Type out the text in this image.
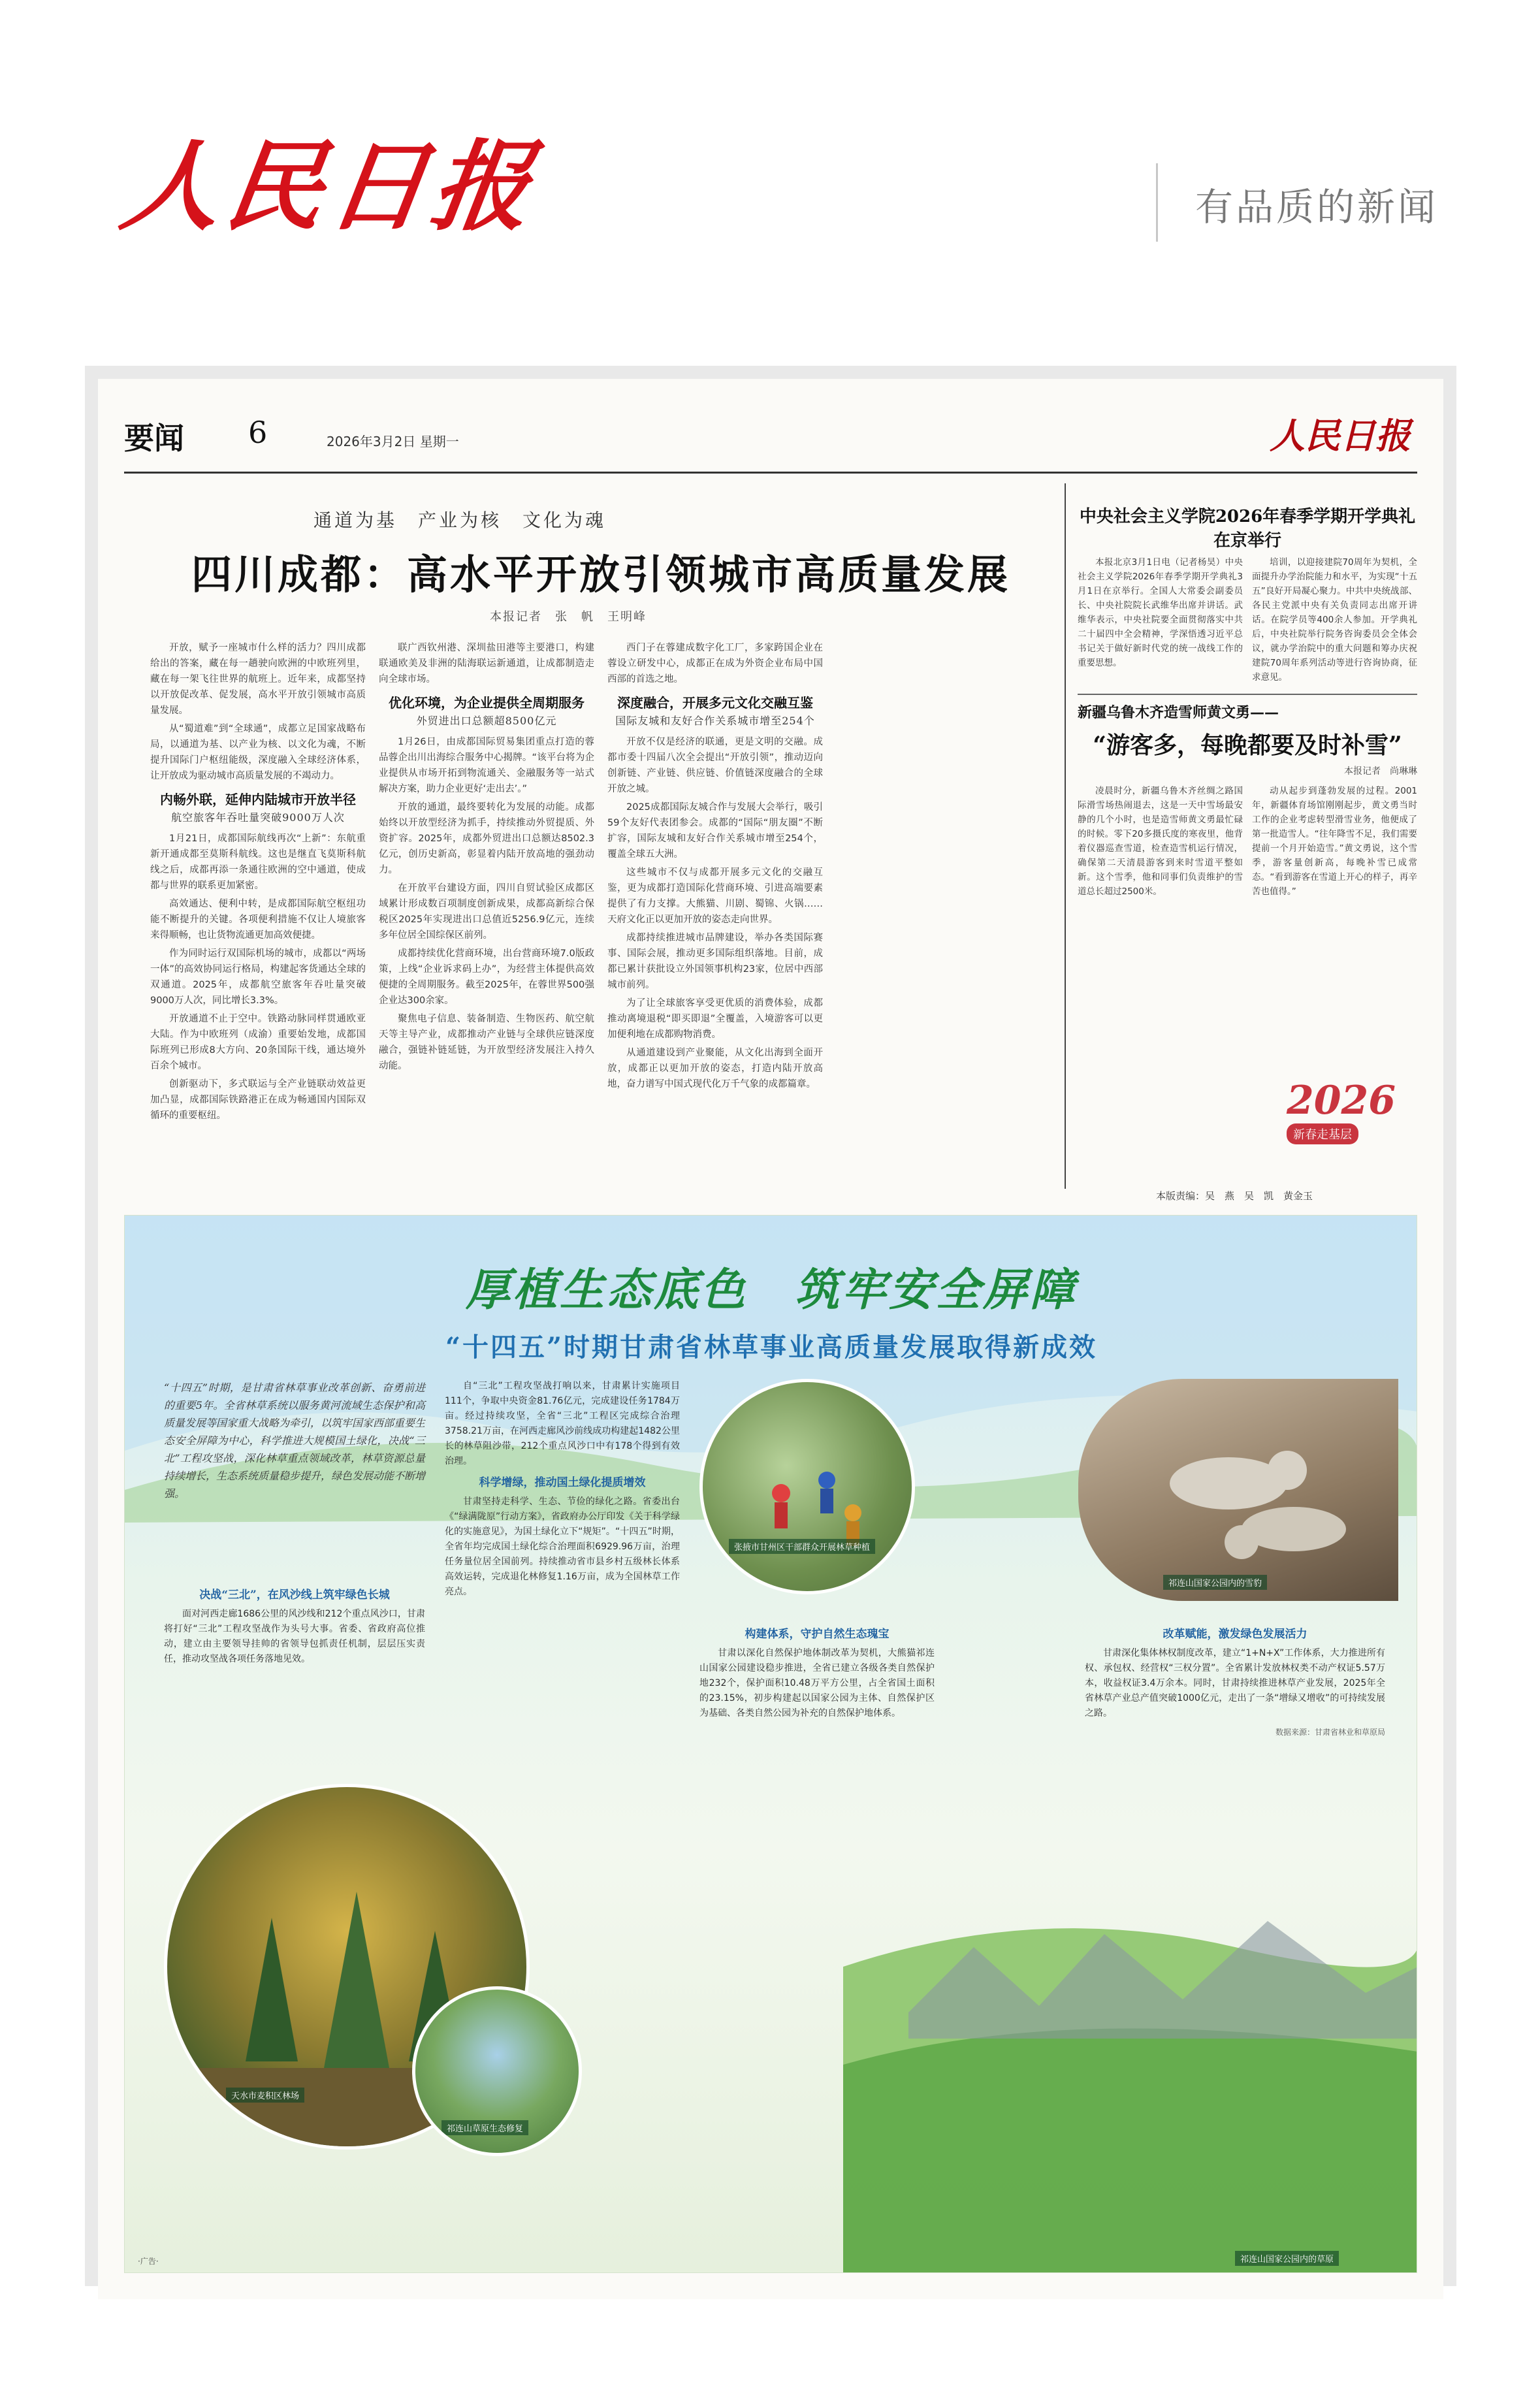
人民日报	有品质的新闻
要闻 6	2026年3月2日 星期一	人民日报
通道为基　产业为核　文化为魂
四川成都：高水平开放引领城市高质量发展
本报记者　张　帆　王明峰

开放，赋予一座城市什么样的活力？四川成都给出的答案，藏在每一趟驶向欧洲的中欧班列里，藏在每一架飞往世界的航班上。近年来，成都坚持以开放促改革、促发展，高水平开放引领城市高质量发展。

从“蜀道难”到“全球通”，成都立足国家战略布局，以通道为基、以产业为核、以文化为魂，不断提升国际门户枢纽能级，深度融入全球经济体系，让开放成为驱动城市高质量发展的不竭动力。

内畅外联，延伸内陆城市开放半径
航空旅客年吞吐量突破9000万人次

1月21日，成都国际航线再次“上新”：东航重新开通成都至莫斯科航线。这也是继直飞莫斯科航线之后，成都再添一条通往欧洲的空中通道，使成都与世界的联系更加紧密。

高效通达、便利中转，是成都国际航空枢纽功能不断提升的关键。各项便利措施不仅让人境旅客来得顺畅，也让货物流通更加高效便捷。

作为同时运行双国际机场的城市，成都以“两场一体”的高效协同运行格局，构建起客货通达全球的双通道。2025年，成都航空旅客年吞吐量突破9000万人次，同比增长3.3%。

开放通道不止于空中。铁路动脉同样贯通欧亚大陆。作为中欧班列（成渝）重要始发地，成都国际班列已形成8大方向、20条国际干线，通达境外百余个城市。

创新驱动下，多式联运与全产业链联动效益更加凸显，成都国际铁路港正在成为畅通国内国际双循环的重要枢纽。

联广西钦州港、深圳盐田港等主要港口，构建联通欧美及非洲的陆海联运新通道，让成都制造走向全球市场。

优化环境，为企业提供全周期服务
外贸进出口总额超8500亿元

1月26日，由成都国际贸易集团重点打造的蓉品蓉企出川出海综合服务中心揭牌。“该平台将为企业提供从市场开拓到物流通关、金融服务等一站式解决方案，助力企业更好‘走出去’。”

开放的通道，最终要转化为发展的动能。成都始终以开放型经济为抓手，持续推动外贸提质、外资扩容。2025年，成都外贸进出口总额达8502.3亿元，创历史新高，彰显着内陆开放高地的强劲动力。

在开放平台建设方面，四川自贸试验区成都区域累计形成数百项制度创新成果，成都高新综合保税区2025年实现进出口总值近5256.9亿元，连续多年位居全国综保区前列。

成都持续优化营商环境，出台营商环境7.0版政策，上线“企业诉求码上办”，为经营主体提供高效便捷的全周期服务。截至2025年，在蓉世界500强企业达300余家。

聚焦电子信息、装备制造、生物医药、航空航天等主导产业，成都推动产业链与全球供应链深度融合，强链补链延链，为开放型经济发展注入持久动能。

西门子在蓉建成数字化工厂，多家跨国企业在蓉设立研发中心，成都正在成为外资企业布局中国西部的首选之地。

深度融合，开展多元文化交融互鉴
国际友城和友好合作关系城市增至254个

开放不仅是经济的联通，更是文明的交融。成都市委十四届八次全会提出“开放引领”，推动迈向创新链、产业链、供应链、价值链深度融合的全球开放之城。

2025成都国际友城合作与发展大会举行，吸引59个友好代表团参会。成都的“国际“朋友圈”不断扩容，国际友城和友好合作关系城市增至254个，覆盖全球五大洲。

这些城市不仅与成都开展多元文化的交融互鉴，更为成都打造国际化营商环境、引进高端要素提供了有力支撑。大熊猫、川剧、蜀锦、火锅……天府文化正以更加开放的姿态走向世界。

成都持续推进城市品牌建设，举办各类国际赛事、国际会展，推动更多国际组织落地。目前，成都已累计获批设立外国领事机构23家，位居中西部城市前列。

为了让全球旅客享受更优质的消费体验，成都推动离境退税“即买即退”全覆盖，入境游客可以更加便利地在成都购物消费。

从通道建设到产业聚能，从文化出海到全面开放，成都正以更加开放的姿态，打造内陆开放高地，奋力谱写中国式现代化万千气象的成都篇章。

中央社会主义学院2026年春季学期开学典礼在京举行

本报北京3月1日电（记者杨昊）中央社会主义学院2026年春季学期开学典礼3月1日在京举行。全国人大常委会副委员长、中央社院院长武维华出席并讲话。武维华表示，中央社院要全面贯彻落实中共二十届四中全会精神，学深悟透习近平总书记关于做好新时代党的统一战线工作的重要思想。

培训，以迎接建院70周年为契机，全面提升办学治院能力和水平，为实现“十五五”良好开局凝心聚力。中共中央统战部、各民主党派中央有关负责同志出席开讲话。在院学员等400余人参加。开学典礼后，中央社院举行院务咨询委员会全体会议，就办学治院中的重大问题和筹办庆祝建院70周年系列活动等进行咨询协商，征求意见。

新疆乌鲁木齐造雪师黄文勇——
“游客多，每晚都要及时补雪”
本报记者　尚琳琳

凌晨时分，新疆乌鲁木齐丝绸之路国际滑雪场热闹退去，这是一天中雪场最安静的几个小时，也是造雪师黄文勇最忙碌的时候。零下20多摄氏度的寒夜里，他背着仪器巡查雪道，检查造雪机运行情况，确保第二天清晨游客到来时雪道平整如新。这个雪季，他和同事们负责维护的雪道总长超过2500米。

动从起步到蓬勃发展的过程。2001年，新疆体育场馆刚刚起步，黄文勇当时工作的企业考虑转型滑雪业务，他便成了第一批造雪人。“往年降雪不足，我们需要提前一个月开始造雪。”黄文勇说，这个雪季，游客量创新高，每晚补雪已成常态。“看到游客在雪道上开心的样子，再辛苦也值得。”

2026
新春走基层
本版责编：吴　燕　吴　凯　黄金玉
厚植生态底色　筑牢安全屏障
“十四五”时期甘肃省林草事业高质量发展取得新成效
“十四五”时期，是甘肃省林草事业改革创新、奋勇前进的重要5年。全省林草系统以服务黄河流域生态保护和高质量发展等国家重大战略为牵引，以筑牢国家西部重要生态安全屏障为中心，科学推进大规模国土绿化，决战“三北”工程攻坚战，深化林草重点领域改革，林草资源总量持续增长，生态系统质量稳步提升，绿色发展动能不断增强。
决战“三北”，在风沙线上筑牢绿色长城

面对河西走廊1686公里的风沙线和212个重点风沙口，甘肃将打好“三北”工程攻坚战作为头号大事。省委、省政府高位推动，建立由主要领导挂帅的省领导包抓责任机制，层层压实责任，推动攻坚战各项任务落地见效。

自“三北”工程攻坚战打响以来，甘肃累计实施项目111个，争取中央资金81.76亿元，完成建设任务1784万亩。经过持续攻坚，全省“三北”工程区完成综合治理3758.21万亩，在河西走廊风沙前线成功构建起1482公里长的林草阻沙带，212个重点风沙口中有178个得到有效治理。

科学增绿，推动国土绿化提质增效

甘肃坚持走科学、生态、节俭的绿化之路。省委出台《“绿满陇原”行动方案》，省政府办公厅印发《关于科学绿化的实施意见》，为国土绿化立下“规矩”。“十四五”时期，全省年均完成国土绿化综合治理面积6929.96万亩，治理任务量位居全国前列。持续推动省市县乡村五级林长体系高效运转，完成退化林修复1.16万亩，成为全国林草工作亮点。

构建体系，守护自然生态瑰宝

甘肃以深化自然保护地体制改革为契机，大熊猫祁连山国家公园建设稳步推进，全省已建立各级各类自然保护地232个，保护面积10.48万平方公里，占全省国土面积的23.15%，初步构建起以国家公园为主体、自然保护区为基础、各类自然公园为补充的自然保护地体系。

改革赋能，激发绿色发展活力

甘肃深化集体林权制度改革，建立“1+N+X”工作体系，大力推进所有权、承包权、经营权“三权分置”。全省累计发放林权类不动产权证5.57万本，收益权证3.4万余本。同时，甘肃持续推进林草产业发展，2025年全省林草产业总产值突破1000亿元，走出了一条“增绿又增收”的可持续发展之路。

数据来源：甘肃省林业和草原局
张掖市甘州区干部群众开展林草种植
祁连山国家公园内的雪豹
天水市麦积区林场
祁连山草原生态修复
祁连山国家公园内的草原
·广告·
